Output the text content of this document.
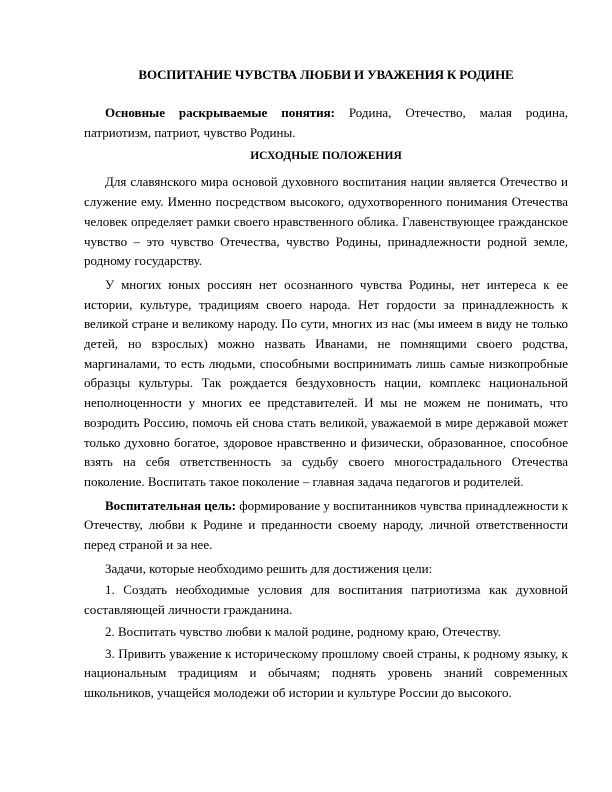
ВОСПИТАНИЕ ЧУВСТВА ЛЮБВИ И УВАЖЕНИЯ К РОДИНЕ

Основные раскрываемые понятия: Родина, Отечество, малая родина, патриотизм, патриот, чувство Родины.

ИСХОДНЫЕ ПОЛОЖЕНИЯ

Для славянского мира основой духовного воспитания нации является Отечество и служение ему. Именно посредством высокого, одухотворенного понимания Отечества человек определяет рамки своего нравственного облика. Главенствующее гражданское чувство – это чувство Отечества, чувство Родины, принадлежности родной земле, родному государству.

У многих юных россиян нет осознанного чувства Родины, нет интереса к ее истории, культуре, традициям своего народа. Нет гордости за принадлежность к великой стране и великому народу. По сути, многих из нас (мы имеем в виду не только детей, но взрослых) можно назвать Иванами, не помнящими своего родства, маргиналами, то есть людьми, способными воспринимать лишь самые низкопробные образцы культуры. Так рождается бездуховность нации, комплекс национальной неполноценности у многих ее представителей. И мы не можем не понимать, что возродить Россию, помочь ей снова стать великой, уважаемой в мире державой может только духовно богатое, здоровое нравственно и физически, образованное, способное взять на себя ответственность за судьбу своего многострадального Отечества поколение. Воспитать такое поколение – главная задача педагогов и родителей.

Воспитательная цель: формирование у воспитанников чувства принадлежности к Отечеству, любви к Родине и преданности своему народу, личной ответственности перед страной и за нее.

Задачи, которые необходимо решить для достижения цели:

1. Создать необходимые условия для воспитания патриотизма как духовной составляющей личности гражданина.

2. Воспитать чувство любви к малой родине, родному краю, Отечеству.

3. Привить уважение к историческому прошлому своей страны, к родному языку, к национальным традициям и обычаям; поднять уровень знаний современных школьников, учащейся молодежи об истории и культуре России до высокого.
